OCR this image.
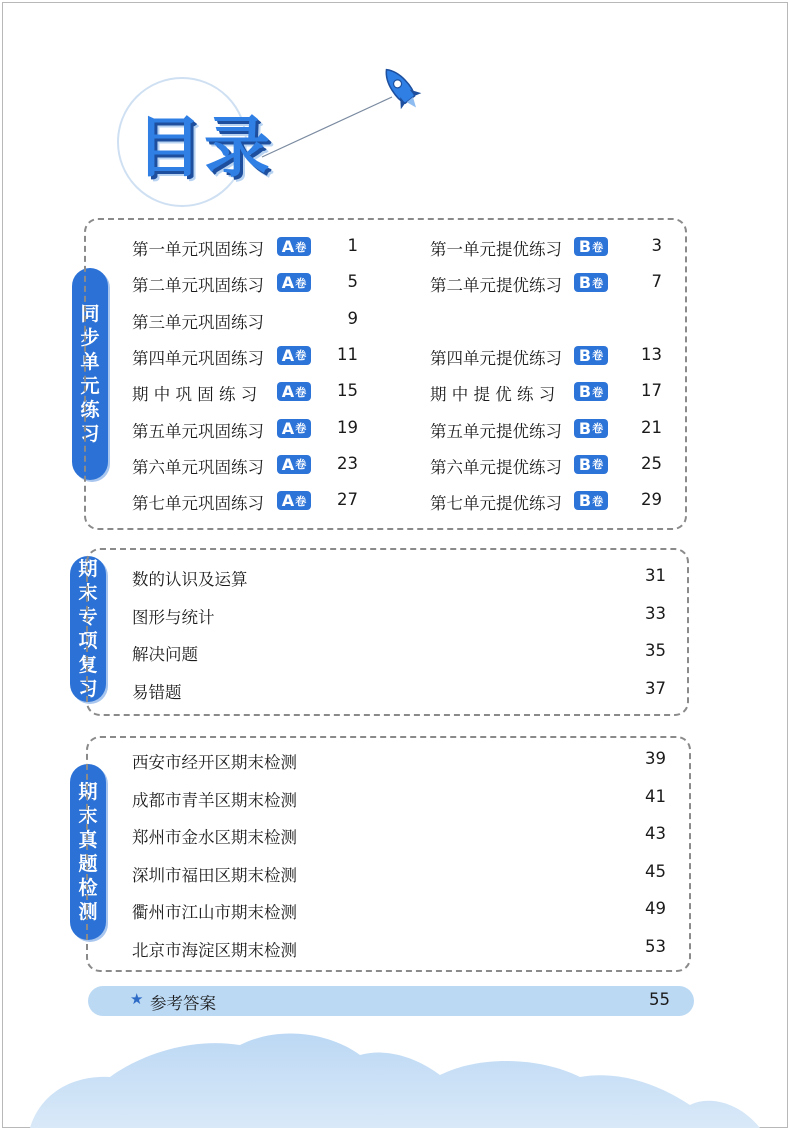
目录
同
步
单
元
练
习
第一单元巩固练习 A 卷	1
第二单元巩固练习 A 卷	5
第三单元巩固练习	9
第四单元巩固练习 A 卷	11
期 中 巩 固 练 习 A 卷	15
第五单元巩固练习 A 卷	19
第六单元巩固练习 A 卷	23
第七单元巩固练习 A 卷	27
第一单元提优练习 B 卷	3
第二单元提优练习 B 卷	7
第四单元提优练习 B 卷	13
期 中 提 优 练 习 B 卷	17
第五单元提优练习 B 卷	21
第六单元提优练习 B 卷	25
第七单元提优练习 B 卷	29
期
末
专
项
复
习
数的认识及运算	31
图形与统计	33
解决问题	35
易错题	37
期
末
真
题
检
测
西安市经开区期末检测	39
成都市青羊区期末检测	41
郑州市金水区期末检测	43
深圳市福田区期末检测	45
衢州市江山市期末检测	49
北京市海淀区期末检测	53
★ 参考答案	55
